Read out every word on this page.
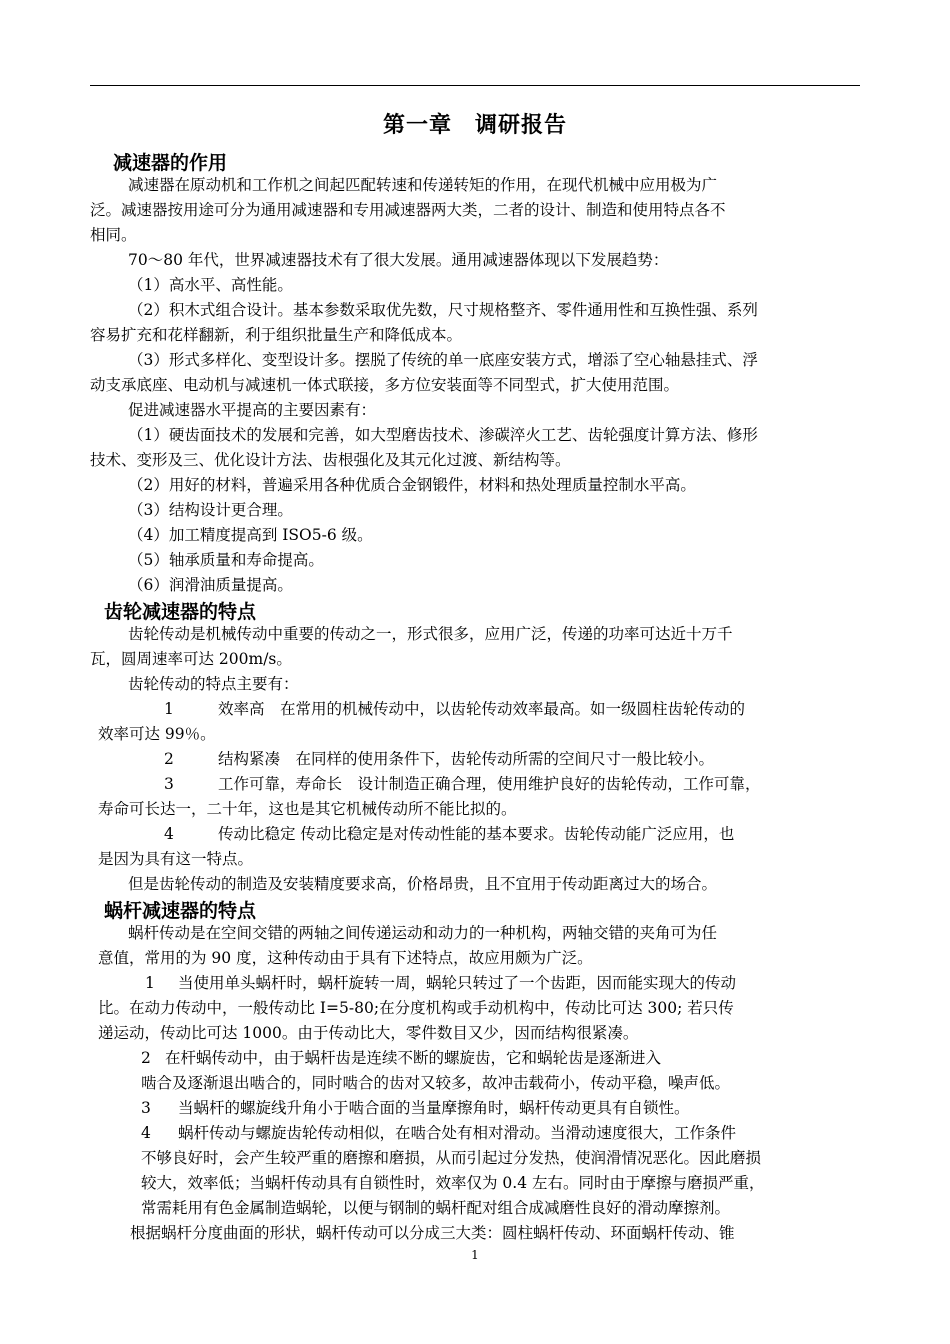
第一章　调研报告
减速器的作用
减速器在原动机和工作机之间起匹配转速和传递转矩的作用，在现代机械中应用极为广
泛。减速器按用途可分为通用减速器和专用减速器两大类，二者的设计、制造和使用特点各不
相同。
70～80 年代，世界减速器技术有了很大发展。通用减速器体现以下发展趋势：
（1）高水平、高性能。
（2）积木式组合设计。基本参数采取优先数，尺寸规格整齐、零件通用性和互换性强、系列
容易扩充和花样翻新，利于组织批量生产和降低成本。
（3）形式多样化、变型设计多。摆脱了传统的单一底座安装方式，增添了空心轴悬挂式、浮
动支承底座、电动机与减速机一体式联接，多方位安装面等不同型式，扩大使用范围。
促进减速器水平提高的主要因素有：
（1）硬齿面技术的发展和完善，如大型磨齿技术、渗碳淬火工艺、齿轮强度计算方法、修形
技术、变形及三、优化设计方法、齿根强化及其元化过渡、新结构等。
（2）用好的材料，普遍采用各种优质合金钢锻件，材料和热处理质量控制水平高。
（3）结构设计更合理。
（4）加工精度提高到 ISO5-6 级。
（5）轴承质量和寿命提高。
（6）润滑油质量提高。
齿轮减速器的特点
齿轮传动是机械传动中重要的传动之一，形式很多，应用广泛，传递的功率可达近十万千
瓦，圆周速率可达 200m/s。
齿轮传动的特点主要有：
1	效率高　在常用的机械传动中，以齿轮传动效率最高。如一级圆柱齿轮传动的
效率可达 99％。
2	结构紧凑　在同样的使用条件下，齿轮传动所需的空间尺寸一般比较小。
3	工作可靠，寿命长　设计制造正确合理，使用维护良好的齿轮传动，工作可靠，
寿命可长达一，二十年，这也是其它机械传动所不能比拟的。
4	传动比稳定 传动比稳定是对传动性能的基本要求。齿轮传动能广泛应用，也
是因为具有这一特点。
但是齿轮传动的制造及安装精度要求高，价格昂贵，且不宜用于传动距离过大的场合。
蜗杆减速器的特点
蜗杆传动是在空间交错的两轴之间传递运动和动力的一种机构，两轴交错的夹角可为任
意值，常用的为 90 度，这种传动由于具有下述特点，故应用颇为广泛。
1 当使用单头蜗杆时，蜗杆旋转一周，蜗轮只转过了一个齿距，因而能实现大的传动
比。在动力传动中，一般传动比 I=5-80;在分度机构或手动机构中，传动比可达 300; 若只传
递运动，传动比可达 1000。由于传动比大，零件数目又少，因而结构很紧凑。
2 在杆蜗传动中，由于蜗杆齿是连续不断的螺旋齿，它和蜗轮齿是逐渐进入
啮合及逐渐退出啮合的，同时啮合的齿对又较多，故冲击载荷小，传动平稳，噪声低。
3 当蜗杆的螺旋线升角小于啮合面的当量摩擦角时，蜗杆传动更具有自锁性。
4 蜗杆传动与螺旋齿轮传动相似，在啮合处有相对滑动。当滑动速度很大，工作条件
不够良好时，会产生较严重的磨擦和磨损，从而引起过分发热，使润滑情况恶化。因此磨损
较大，效率低；当蜗杆传动具有自锁性时，效率仅为 0.4 左右。同时由于摩擦与磨损严重，
常需耗用有色金属制造蜗轮，以便与钢制的蜗杆配对组合成减磨性良好的滑动摩擦剂。
根据蜗杆分度曲面的形状，蜗杆传动可以分成三大类：圆柱蜗杆传动、环面蜗杆传动、锥
1
